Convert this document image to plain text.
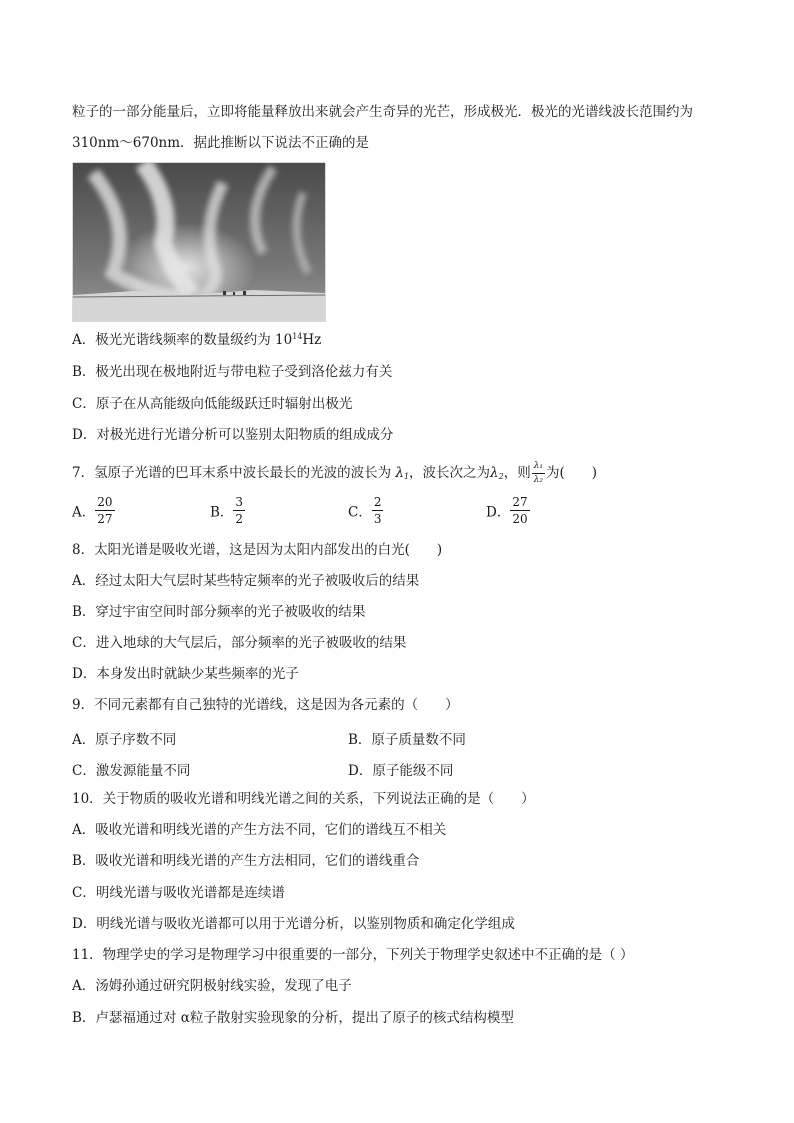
粒子的一部分能量后，立即将能量释放出来就会产生奇异的光芒，形成极光．极光的光谱线波长范围约为
310nm～670nm．据此推断以下说法不正确的是
A．极光光谐线频率的数量级约为 $10^{14}Hz$
B．极光出现在极地附近与带电粒子受到洛伦兹力有关
C．原子在从高能级向低能级跃迁时辐射出极光
D．对极光进行光谱分析可以鉴别太阳物质的组成成分
7．氢原子光谱的巴耳末系中波长最长的光波的波长为 $\lambda_1$，波长次之为$\lambda_2$，则 $\frac{\text{λ₁}}{\text{λ₂}}$ 为(　　)
A． $\frac{20}{27}$	B． $\frac{3}{2}$	C． $\frac{2}{3}$	D． $\frac{27}{20}$
8．太阳光谱是吸收光谱，这是因为太阳内部发出的白光(　　)
A．经过太阳大气层时某些特定频率的光子被吸收后的结果
B．穿过宇宙空间时部分频率的光子被吸收的结果
C．进入地球的大气层后，部分频率的光子被吸收的结果
D．本身发出时就缺少某些频率的光子
9．不同元素都有自己独特的光谱线，这是因为各元素的（　　）
A．原子序数不同	B．原子质量数不同
C．激发源能量不同	D．原子能级不同
10．关于物质的吸收光谱和明线光谱之间的关系，下列说法正确的是（　　）
A．吸收光谱和明线光谱的产生方法不同，它们的谱线互不相关
B．吸收光谱和明线光谱的产生方法相同，它们的谱线重合
C．明线光谱与吸收光谱都是连续谱
D．明线光谱与吸收光谱都可以用于光谱分析，以鉴别物质和确定化学组成
11．物理学史的学习是物理学习中很重要的一部分，下列关于物理学史叙述中不正确的是（ ）
A．汤姆孙通过研究阴极射线实验，发现了电子
B．卢瑟福通过对 α粒子散射实验现象的分析，提出了原子的核式结构模型
